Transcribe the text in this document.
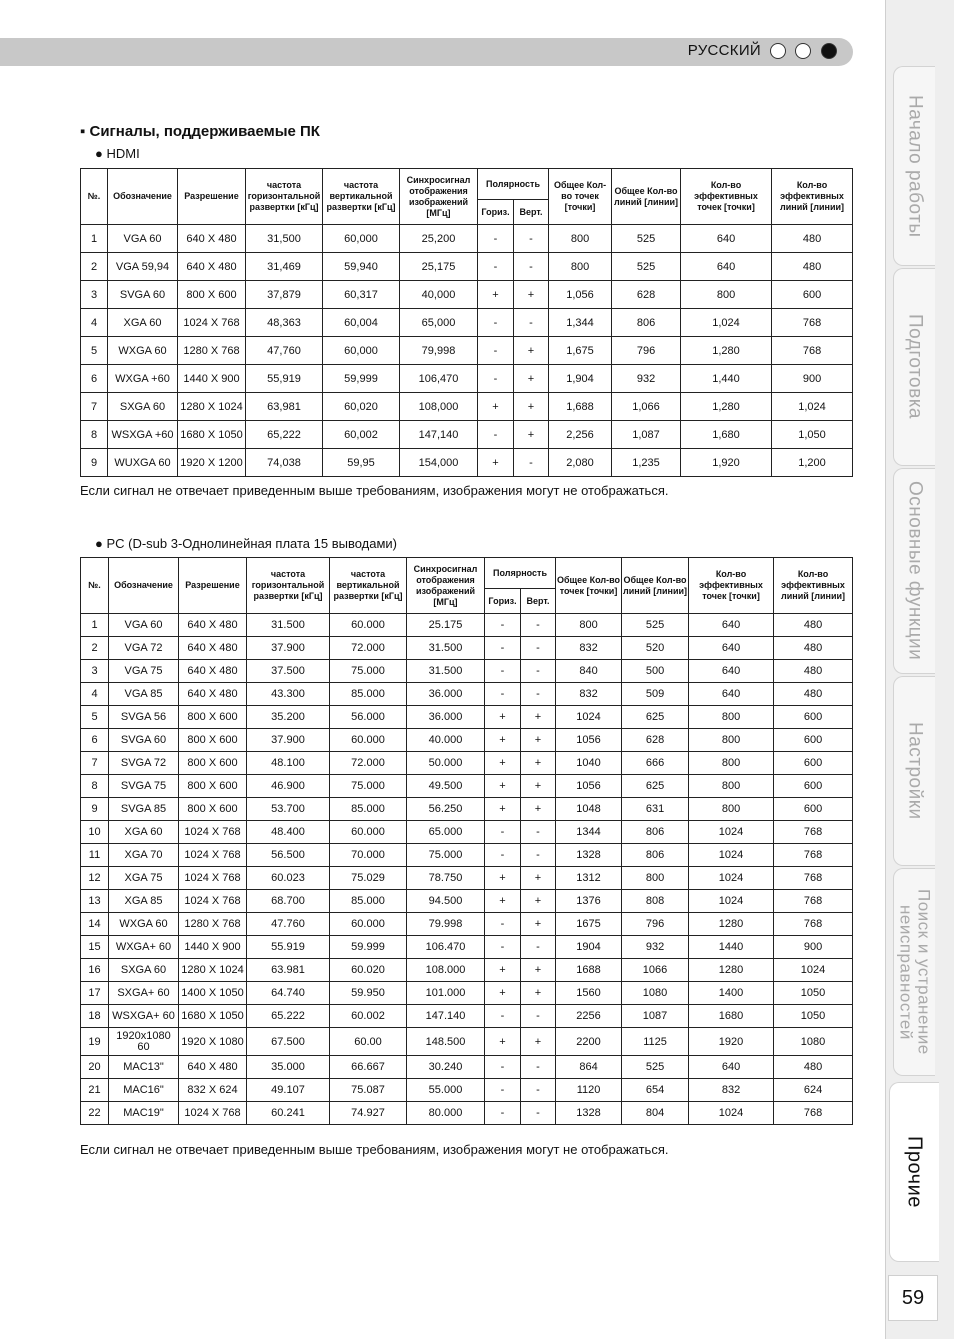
РУССКИЙ
Начало работы
Подготовка
Основные функции
Настройки
Поиск и устранение неисправностей
Прочие
59
▪ Сигналы, поддерживаемые ПК
● HDMI
№.	Обозначение	Разрешение	частота горизонтальной развертки [кГц]	частота вертикальной развертки [кГц]	Синхросигнал отображения изображений [МГц]	Полярность		Общее Кол-во точек [точки]	Общее Кол-во линий [линии]	Кол-во эффективных точек [точки]	Кол-во эффективных линий [линии]
						Гориз.	Верт.				
1	VGA 60	640 X 480	31,500	60,000	25,200	-	-	800	525	640	480
2	VGA 59,94	640 X 480	31,469	59,940	25,175	-	-	800	525	640	480
3	SVGA 60	800 X 600	37,879	60,317	40,000	+	+	1,056	628	800	600
4	XGA 60	1024 X 768	48,363	60,004	65,000	-	-	1,344	806	1,024	768
5	WXGA 60	1280 X 768	47,760	60,000	79,998	-	+	1,675	796	1,280	768
6	WXGA +60	1440 X 900	55,919	59,999	106,470	-	+	1,904	932	1,440	900
7	SXGA 60	1280 X 1024	63,981	60,020	108,000	+	+	1,688	1,066	1,280	1,024
8	WSXGA +60	1680 X 1050	65,222	60,002	147,140	-	+	2,256	1,087	1,680	1,050
9	WUXGA 60	1920 X 1200	74,038	59,95	154,000	+	-	2,080	1,235	1,920	1,200
Если сигнал не отвечает приведенным выше требованиям, изображения могут не отображаться.
● PC (D-sub 3-Однолинейная плата 15 выводами)
№.	Обозначение	Разрешение	частота горизонтальной развертки [кГц]	частота вертикальной развертки [кГц]	Синхросигнал отображения изображений [МГц]	Полярность		Общее Кол-во точек [точки]	Общее Кол-во линий [линии]	Кол-во эффективных точек [точки]	Кол-во эффективных линий [линии]
						Гориз.	Верт.				
1	VGA 60	640 X 480	31.500	60.000	25.175	-	-	800	525	640	480
2	VGA 72	640 X 480	37.900	72.000	31.500	-	-	832	520	640	480
3	VGA 75	640 X 480	37.500	75.000	31.500	-	-	840	500	640	480
4	VGA 85	640 X 480	43.300	85.000	36.000	-	-	832	509	640	480
5	SVGA 56	800 X 600	35.200	56.000	36.000	+	+	1024	625	800	600
6	SVGA 60	800 X 600	37.900	60.000	40.000	+	+	1056	628	800	600
7	SVGA 72	800 X 600	48.100	72.000	50.000	+	+	1040	666	800	600
8	SVGA 75	800 X 600	46.900	75.000	49.500	+	+	1056	625	800	600
9	SVGA 85	800 X 600	53.700	85.000	56.250	+	+	1048	631	800	600
10	XGA 60	1024 X 768	48.400	60.000	65.000	-	-	1344	806	1024	768
11	XGA 70	1024 X 768	56.500	70.000	75.000	-	-	1328	806	1024	768
12	XGA 75	1024 X 768	60.023	75.029	78.750	+	+	1312	800	1024	768
13	XGA 85	1024 X 768	68.700	85.000	94.500	+	+	1376	808	1024	768
14	WXGA 60	1280 X 768	47.760	60.000	79.998	-	+	1675	796	1280	768
15	WXGA+ 60	1440 X 900	55.919	59.999	106.470	-	-	1904	932	1440	900
16	SXGA 60	1280 X 1024	63.981	60.020	108.000	+	+	1688	1066	1280	1024
17	SXGA+ 60	1400 X 1050	64.740	59.950	101.000	+	+	1560	1080	1400	1050
18	WSXGA+ 60	1680 X 1050	65.222	60.002	147.140	-	-	2256	1087	1680	1050
19	1920x1080 60	1920 X 1080	67.500	60.00	148.500	+	+	2200	1125	1920	1080
20	MAC13"	640 X 480	35.000	66.667	30.240	-	-	864	525	640	480
21	MAC16"	832 X 624	49.107	75.087	55.000	-	-	1120	654	832	624
22	MAC19"	1024 X 768	60.241	74.927	80.000	-	-	1328	804	1024	768
Если сигнал не отвечает приведенным выше требованиям, изображения могут не отображаться.
